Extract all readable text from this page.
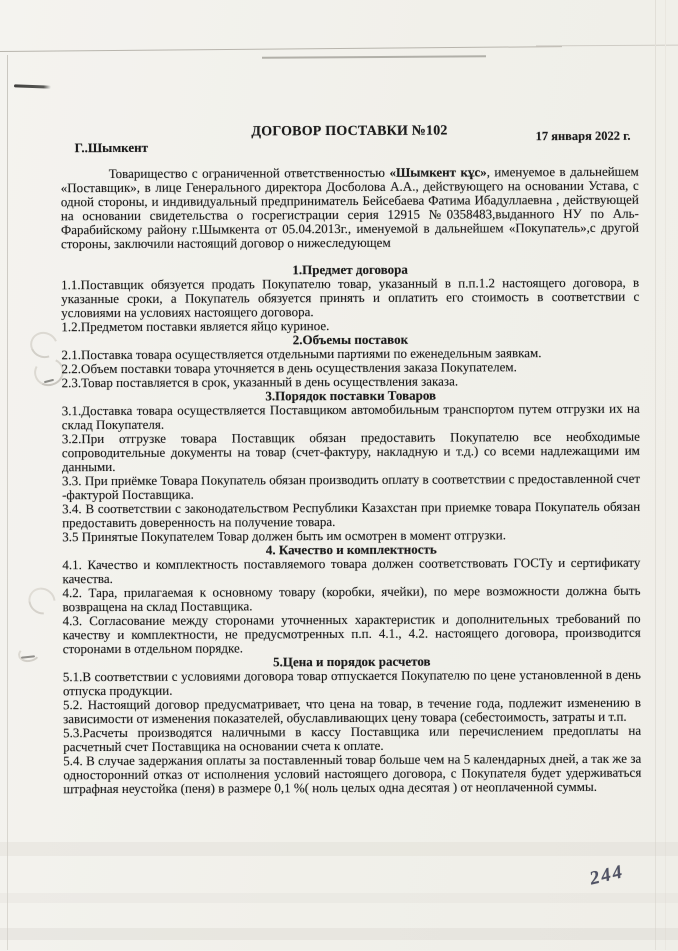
ДОГОВОР ПОСТАВКИ №102
Г..Шымкент
17 января 2022 г.

Товарищество с ограниченной ответственностью «Шымкент кұс», именуемое в дальнейшем «Поставщик», в лице Генерального директора Досболова А.А., действующего на основании Устава, с одной стороны, и индивидуальный предприниматель Бейсебаева Фатима Ибадуллаевна , действующей на основании свидетельства о госрегистрации серия 12915 №0358483,выданного НУ по Аль-Фарабийскому району г.Шымкента от 05.04.2013г., именуемой в дальнейшем «Покупатель»,с другой стороны, заключили настоящий договор о нижеследующем

1.Предмет договора

1.1.Поставщик обязуется продать Покупателю товар, указанный в п.п.1.2 настоящего договора, в указанные сроки, а Покупатель обязуется принять и оплатить его стоимость в соответствии с условиями на условиях настоящего договора.

1.2.Предметом поставки является яйцо куриное.

2.Объемы поставок

2.1.Поставка товара осуществляется отдельными партиями по еженедельным заявкам.

2.2.Объем поставки товара уточняется в день осуществления заказа Покупателем.

2.3.Товар поставляется в срок, указанный в день осуществления заказа.

3.Порядок поставки Товаров

3.1.Доставка товара осуществляется Поставщиком автомобильным транспортом путем отгрузки их на склад Покупателя.

3.2.При отгрузке товара Поставщик обязан предоставить Покупателю все необходимые сопроводительные документы на товар (счет-фактуру, накладную и т.д.) со всеми надлежащими им данными.

3.3. При приёмке Товара Покупатель обязан производить оплату в соответствии с предоставленной счет -фактурой Поставщика.

3.4. В соответствии с законодательством Республики Казахстан при приемке товара Покупатель обязан предоставить доверенность на получение товара.

3.5 Принятые Покупателем Товар должен быть им осмотрен в момент отгрузки.

4. Качество и комплектность

4.1. Качество и комплектность поставляемого товара должен соответствовать ГОСТу и сертификату качества.

4.2. Тара, прилагаемая к основному товару (коробки, ячейки), по мере возможности должна быть возвращена на склад Поставщика.

4.3. Согласование между сторонами уточненных характеристик и дополнительных требований по качеству и комплектности, не предусмотренных п.п. 4.1., 4.2. настоящего договора, производится сторонами в отдельном порядке.

5.Цена и порядок расчетов

5.1.В соответствии с условиями договора товар отпускается Покупателю по цене установленной в день отпуска продукции.

5.2. Настоящий договор предусматривает, что цена на товар, в течение года, подлежит изменению в зависимости от изменения показателей, обуславливающих цену товара (себестоимость, затраты и т.п.

5.3.Расчеты производятся наличными в кассу Поставщика или перечислением предоплаты на расчетный счет Поставщика на основании счета к оплате.

5.4. В случае задержания оплаты за поставленный товар больше чем на 5 календарных дней, а так же за односторонний отказ от исполнения условий настоящего договора, с Покупателя будет удерживаться штрафная неустойка (пеня) в размере 0,1 %( ноль целых одна десятая ) от неоплаченной суммы.

244
